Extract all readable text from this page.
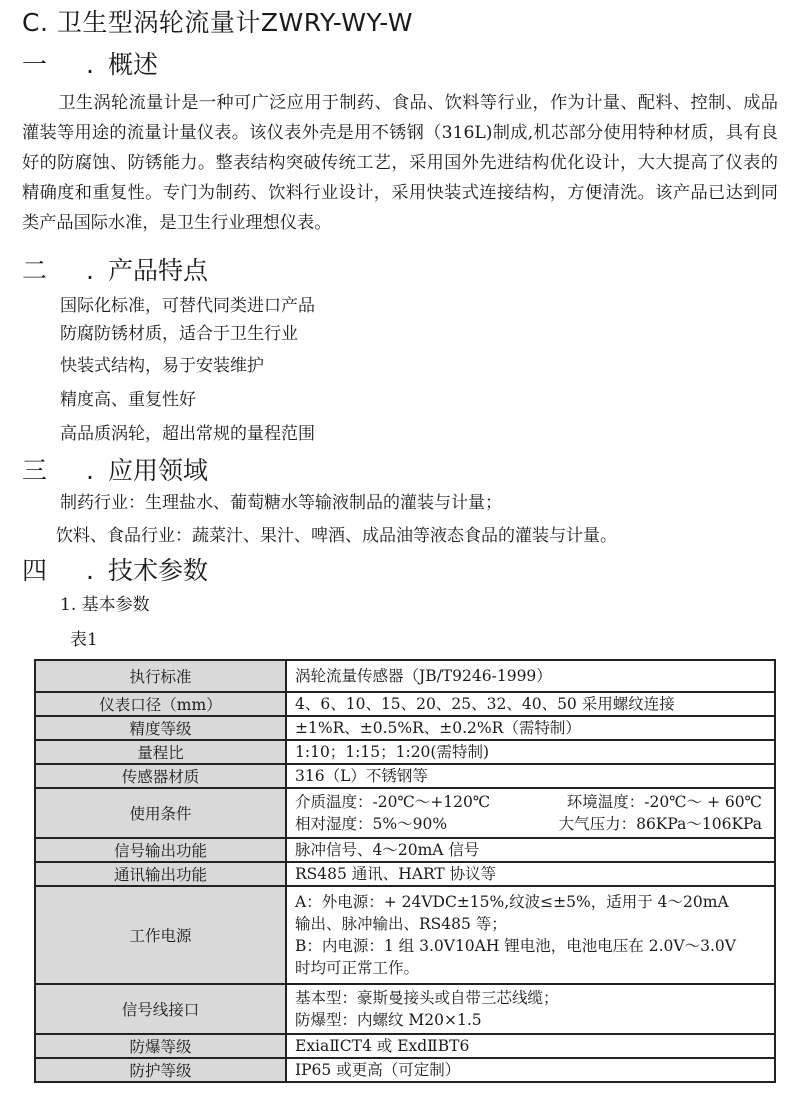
C. 卫生型涡轮流量计ZWRY-WY-W
一 . 概述
卫生涡轮流量计是一种可广泛应用于制药、食品、饮料等行业，作为计量、配料、控制、成品灌装等用途的流量计量仪表。该仪表外壳是用不锈钢（316L)制成,机芯部分使用特种材质，具有良好的防腐蚀、防锈能力。整表结构突破传统工艺，采用国外先进结构优化设计，大大提高了仪表的精确度和重复性。专门为制药、饮料行业设计，采用快装式连接结构，方便清洗。该产品已达到同类产品国际水准，是卫生行业理想仪表。
二 . 产品特点
国际化标准，可替代同类进口产品
防腐防锈材质，适合于卫生行业
快装式结构，易于安装维护
精度高、重复性好
高品质涡轮，超出常规的量程范围
三 . 应用领域
制药行业：生理盐水、葡萄糖水等输液制品的灌装与计量；
饮料、食品行业：蔬菜汁、果汁、啤酒、成品油等液态食品的灌装与计量。
四 . 技术参数
1. 基本参数
表1
执行标准	涡轮流量传感器（JB/T9246-1999）
仪表口径（mm）	4、6、10、15、20、25、32、40、50 采用螺纹连接
精度等级	±1%R、±0.5%R、±0.2%R（需特制）
量程比	1:10；1:15；1:20(需特制)
传感器材质	316（L）不锈钢等
使用条件	介质温度：-20℃～+120℃ 环境温度：-20℃～ + 60℃
相对湿度：5%～90% 大气压力：86KPa～106KPa

信号输出功能	脉冲信号、4～20mA 信号
通讯输出功能	RS485 通讯、HART 协议等
工作电源	A：外电源：+ 24VDC±15%,纹波≤±5%，适用于 4～20mA
输出、脉冲输出、RS485 等；
B：内电源：1 组 3.0V10AH 锂电池，电池电压在 2.0V～3.0V
时均可正常工作。

信号线接口	基本型：豪斯曼接头或自带三芯线缆；
防爆型：内螺纹 M20×1.5

防爆等级	ExiaⅡCT4 或 ExdⅡBT6
防护等级	IP65 或更高（可定制）
